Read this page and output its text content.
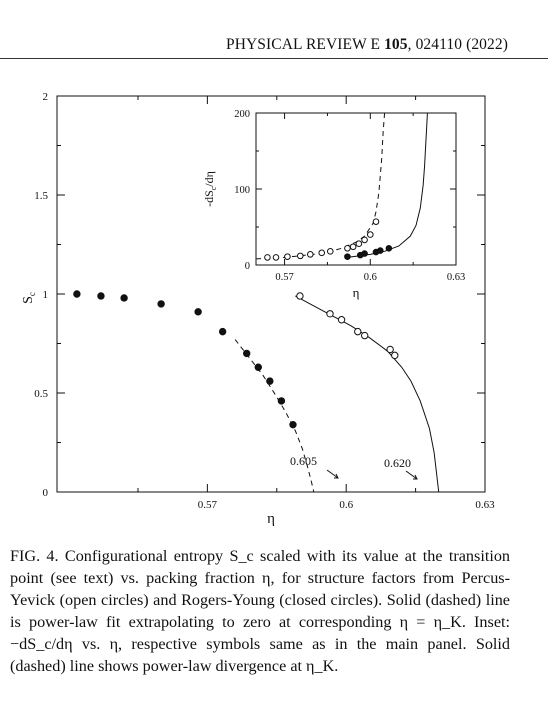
PHYSICAL REVIEW E 105, 024110 (2022)
0.57	0.6	0.63
0
0.5
1
1.5
2
η
$S_c$
0.605	0.620
0.57	0.6	0.63
0
100
200
η
$-dS_c/d\eta$
FIG. 4. Configurational entropy S_c scaled with its value at the transition point (see text) vs. packing fraction η, for structure factors from Percus-Yevick (open circles) and Rogers-Young (closed circles). Solid (dashed) line is power-law fit extrapolating to zero at corresponding η = η_K. Inset: −dS_c/dη vs. η, respective symbols same as in the main panel. Solid (dashed) line shows power-law divergence at η_K.
